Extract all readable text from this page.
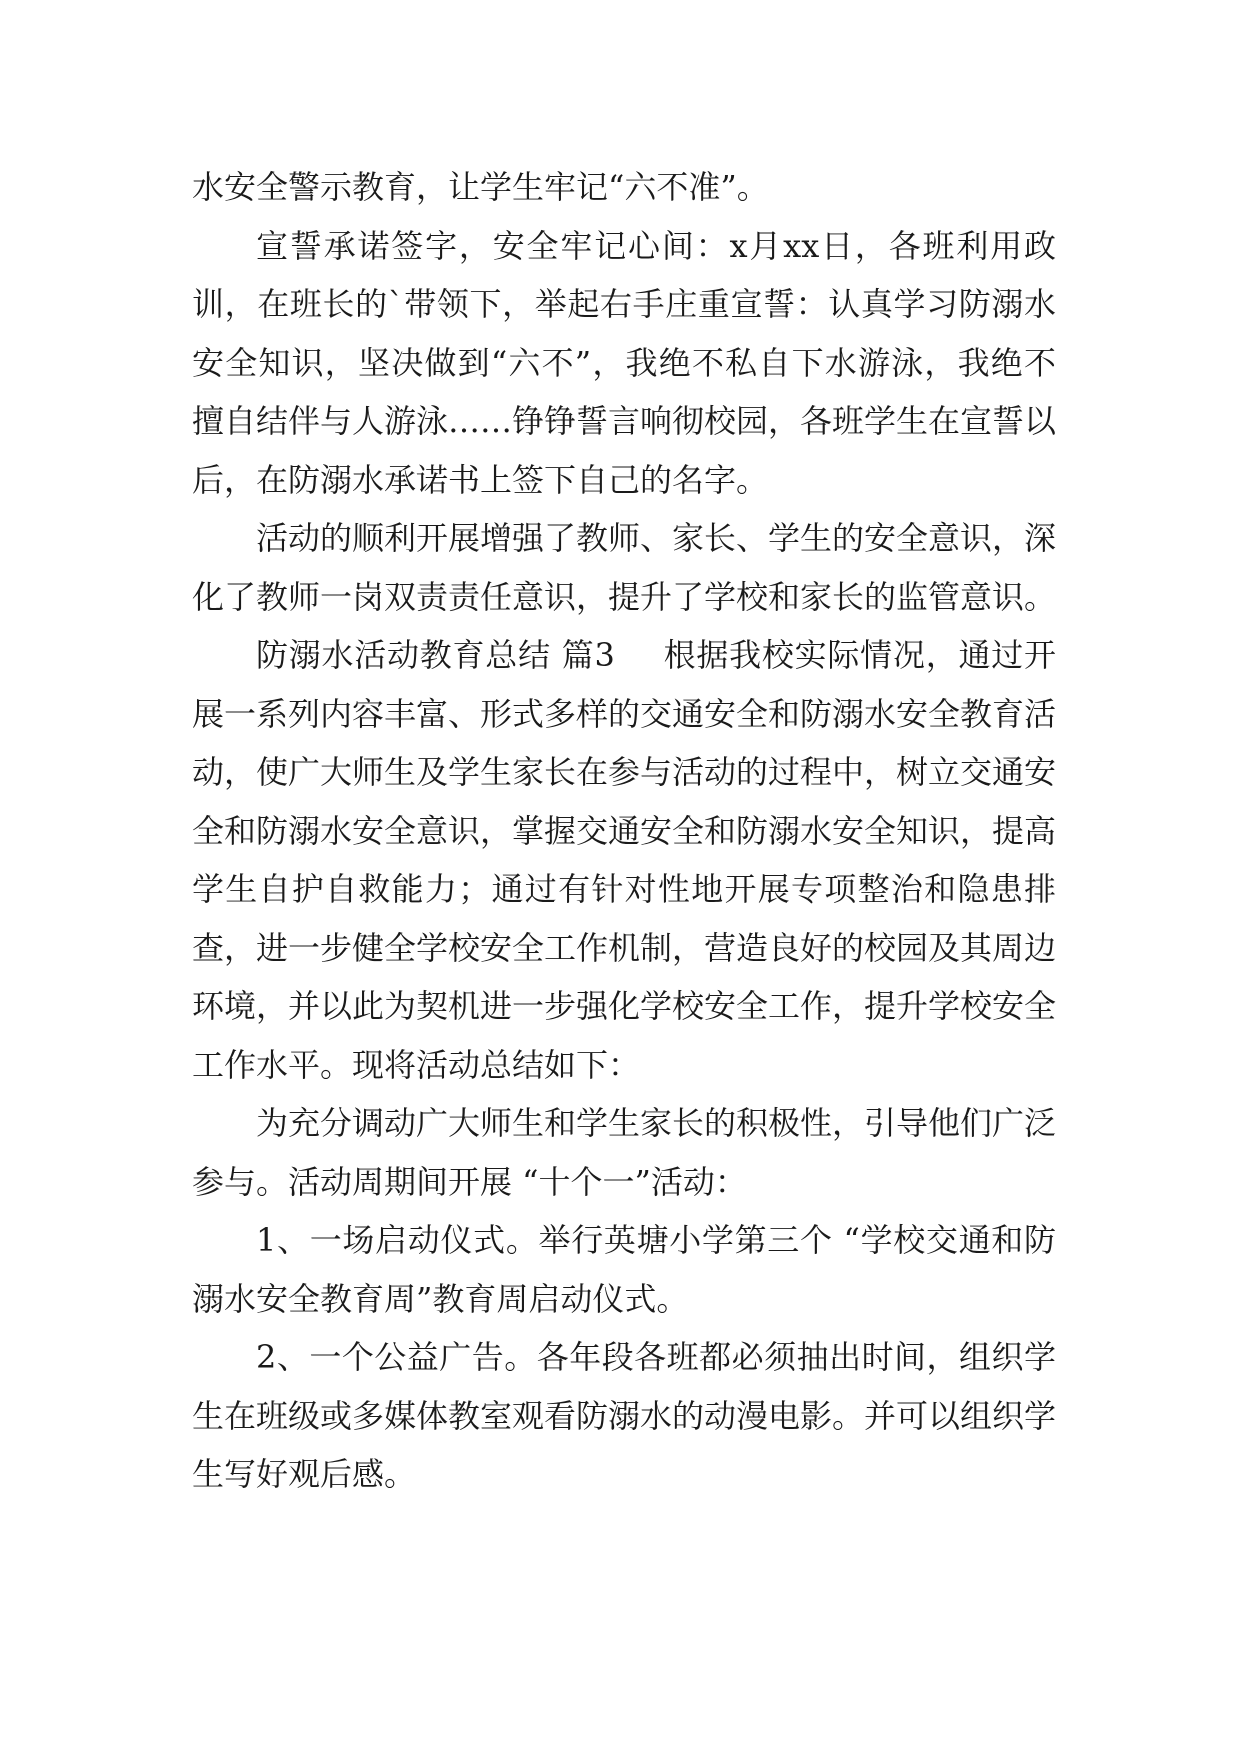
水安全警示教育，让学生牢记“六不准”。

宣誓承诺签字，安全牢记心间：x月xx日，各班利用政训，在班长的`带领下，举起右手庄重宣誓：认真学习防溺水安全知识，坚决做到“六不”，我绝不私自下水游泳，我绝不擅自结伴与人游泳……铮铮誓言响彻校园，各班学生在宣誓以后，在防溺水承诺书上签下自己的名字。

活动的顺利开展增强了教师、家长、学生的安全意识，深化了教师一岗双责责任意识，提升了学校和家长的监管意识。

防溺水活动教育总结 篇3 根据我校实际情况，通过开展一系列内容丰富、形式多样的交通安全和防溺水安全教育活动，使广大师生及学生家长在参与活动的过程中，树立交通安全和防溺水安全意识，掌握交通安全和防溺水安全知识，提高学生自护自救能力；通过有针对性地开展专项整治和隐患排查，进一步健全学校安全工作机制，营造良好的校园及其周边环境，并以此为契机进一步强化学校安全工作，提升学校安全工作水平。现将活动总结如下：

为充分调动广大师生和学生家长的积极性，引导他们广泛参与。活动周期间开展 “十个一”活动：

1、一场启动仪式。举行英塘小学第三个 “学校交通和防溺水安全教育周”教育周启动仪式。

2、一个公益广告。各年段各班都必须抽出时间，组织学生在班级或多媒体教室观看防溺水的动漫电影。并可以组织学生写好观后感。
